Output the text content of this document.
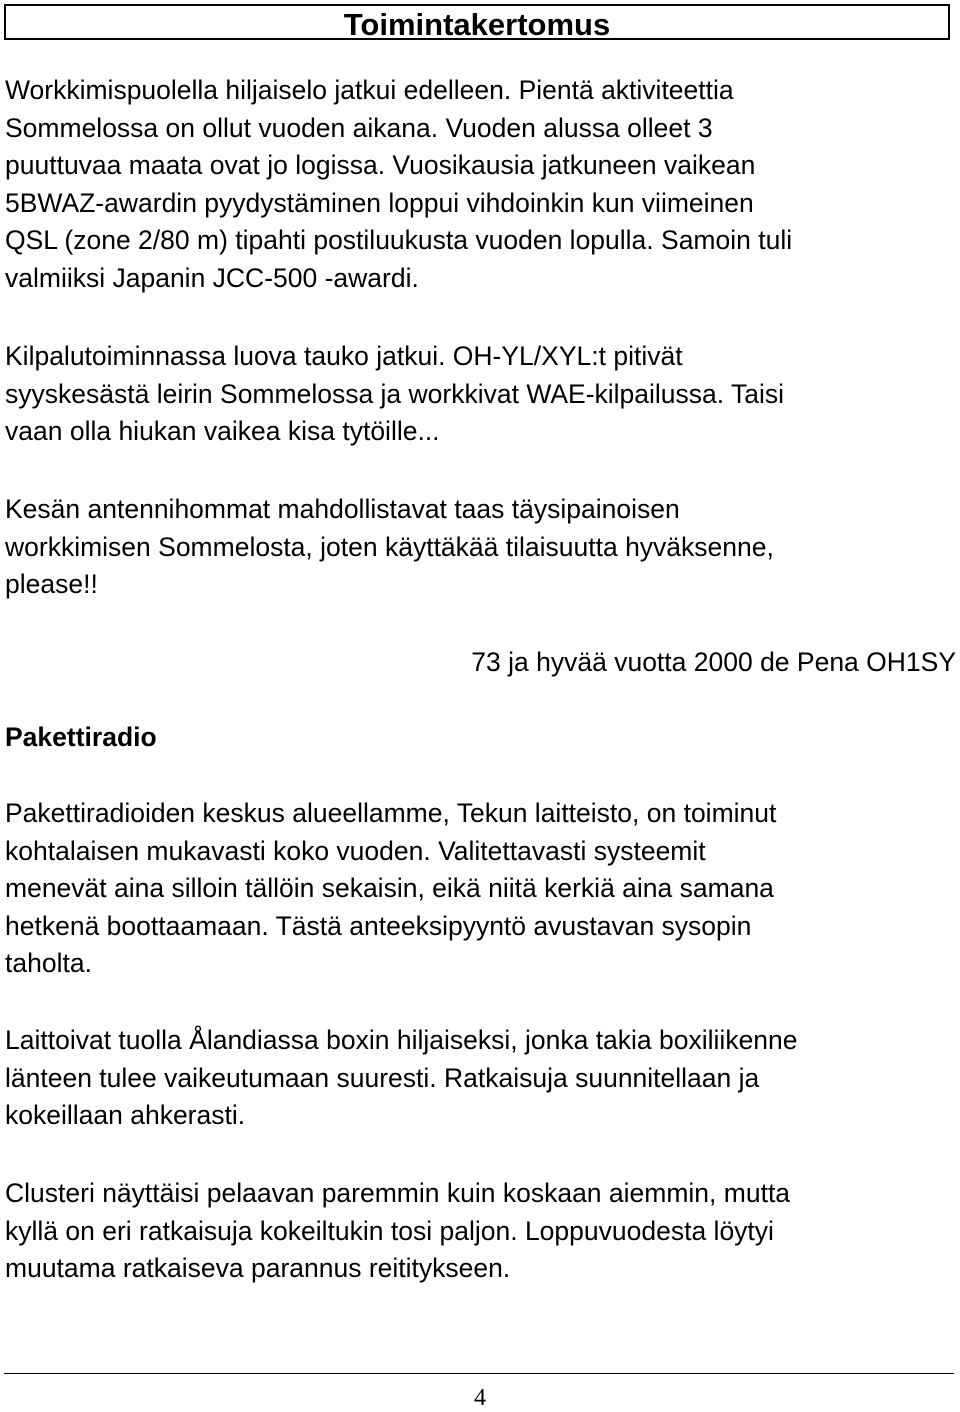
Toimintakertomus

Workkimispuolella hiljaiselo jatkui edelleen. Pientä aktiviteettia
Sommelossa on ollut vuoden aikana. Vuoden alussa olleet 3
puuttuvaa maata ovat jo logissa. Vuosikausia jatkuneen vaikean
5BWAZ-awardin pyydystäminen loppui vihdoinkin kun viimeinen
QSL (zone 2/80 m) tipahti postiluukusta vuoden lopulla. Samoin tuli
valmiiksi Japanin JCC-500 -awardi.

Kilpalutoiminnassa luova tauko jatkui. OH-YL/XYL:t pitivät
syyskesästä leirin Sommelossa ja workkivat WAE-kilpailussa. Taisi
vaan olla hiukan vaikea kisa tytöille...

Kesän antennihommat mahdollistavat taas täysipainoisen
workkimisen Sommelosta, joten käyttäkää tilaisuutta hyväksenne,
please!!

73 ja hyvää vuotta 2000 de Pena OH1SY
Pakettiradio

Pakettiradioiden keskus alueellamme, Tekun laitteisto, on toiminut
kohtalaisen mukavasti koko vuoden. Valitettavasti systeemit
menevät aina silloin tällöin sekaisin, eikä niitä kerkiä aina samana
hetkenä boottaamaan. Tästä anteeksipyyntö avustavan sysopin
taholta.

Laittoivat tuolla Ålandiassa boxin hiljaiseksi, jonka takia boxiliikenne
länteen tulee vaikeutumaan suuresti. Ratkaisuja suunnitellaan ja
kokeillaan ahkerasti.

Clusteri näyttäisi pelaavan paremmin kuin koskaan aiemmin, mutta
kyllä on eri ratkaisuja kokeiltukin tosi paljon. Loppuvuodesta löytyi
muutama ratkaiseva parannus reititykseen.

4
